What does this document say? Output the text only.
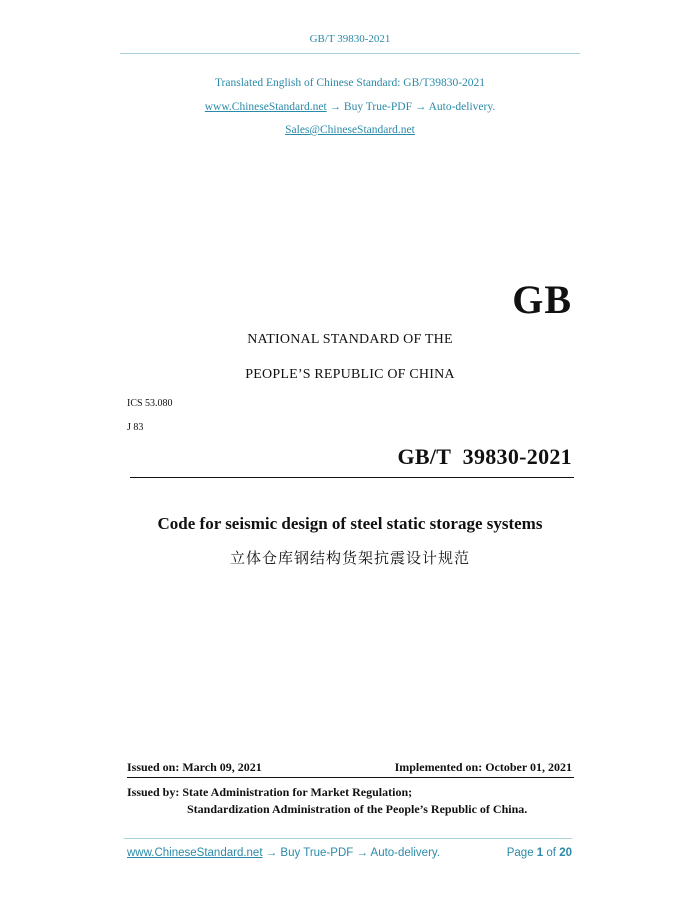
GB/T 39830-2021
Translated English of Chinese Standard: GB/T39830-2021
www.ChineseStandard.net → Buy True-PDF → Auto-delivery.
Sales@ChineseStandard.net
GB
NATIONAL STANDARD OF THE
PEOPLE’S REPUBLIC OF CHINA
ICS 53.080
J 83
GB/T 39830-2021
Code for seismic design of steel static storage systems
立体仓库钢结构货架抗震设计规范
Issued on: March 09, 2021	Implemented on: October 01, 2021
Issued by: State Administration for Market Regulation;
Standardization Administration of the People’s Republic of China.
www.ChineseStandard.net → Buy True-PDF → Auto-delivery.	Page 1 of 20
